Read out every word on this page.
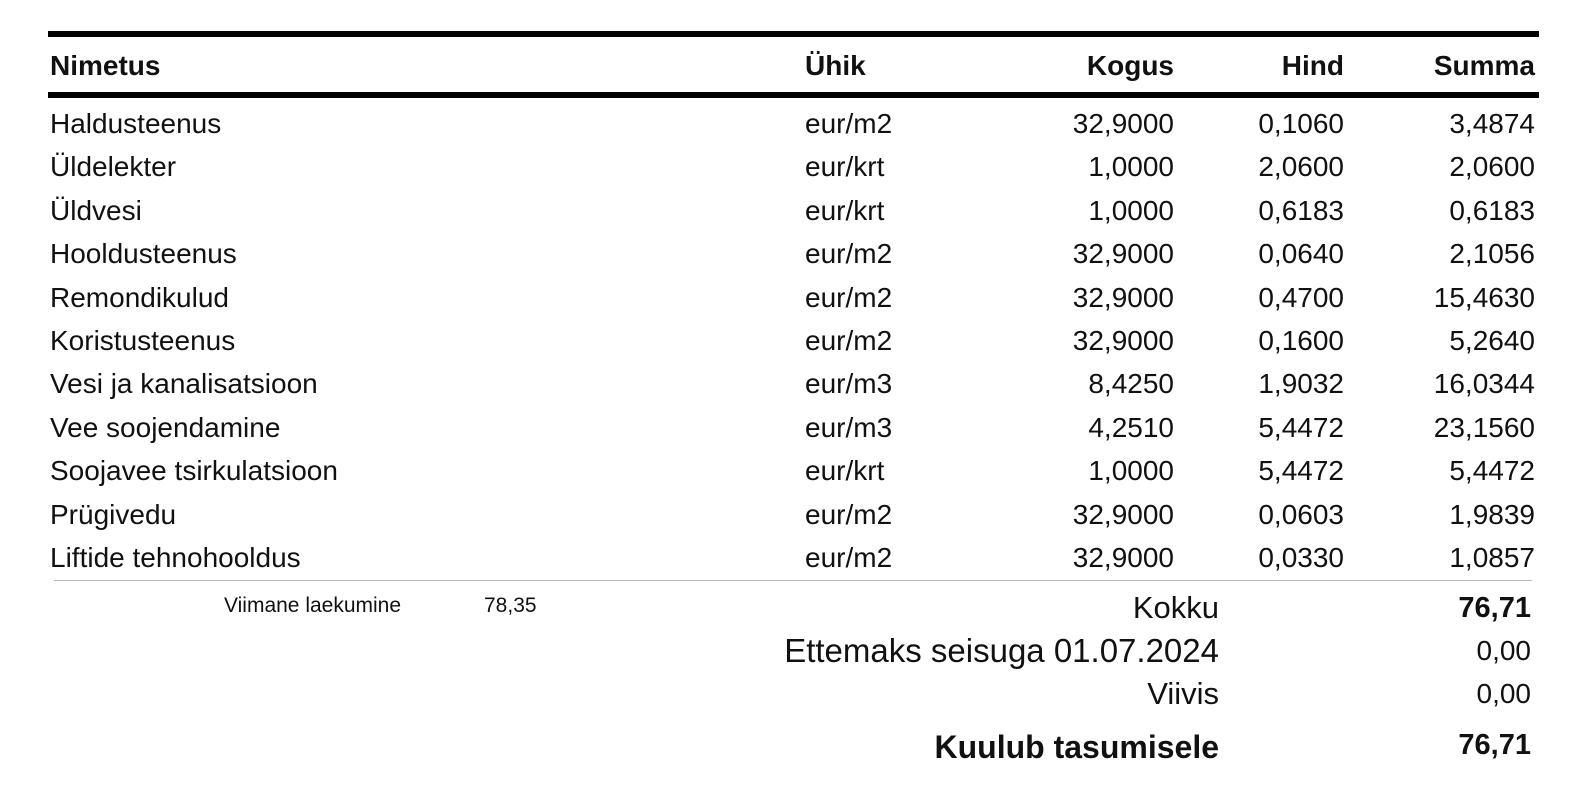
Nimetus	Ühik	Kogus	Hind	Summa
Haldusteenus	eur/m2	32,9000	0,1060	3,4874
Üldelekter	eur/krt	1,0000	2,0600	2,0600
Üldvesi	eur/krt	1,0000	0,6183	0,6183
Hooldusteenus	eur/m2	32,9000	0,0640	2,1056
Remondikulud	eur/m2	32,9000	0,4700	15,4630
Koristusteenus	eur/m2	32,9000	0,1600	5,2640
Vesi ja kanalisatsioon	eur/m3	8,4250	1,9032	16,0344
Vee soojendamine	eur/m3	4,2510	5,4472	23,1560
Soojavee tsirkulatsioon	eur/krt	1,0000	5,4472	5,4472
Prügivedu	eur/m2	32,9000	0,0603	1,9839
Liftide tehnohooldus	eur/m2	32,9000	0,0330	1,0857
Viimane laekumine	78,35	Kokku	76,71
Ettemaks seisuga 01.07.2024	0,00
Viivis	0,00
Kuulub tasumisele	76,71
